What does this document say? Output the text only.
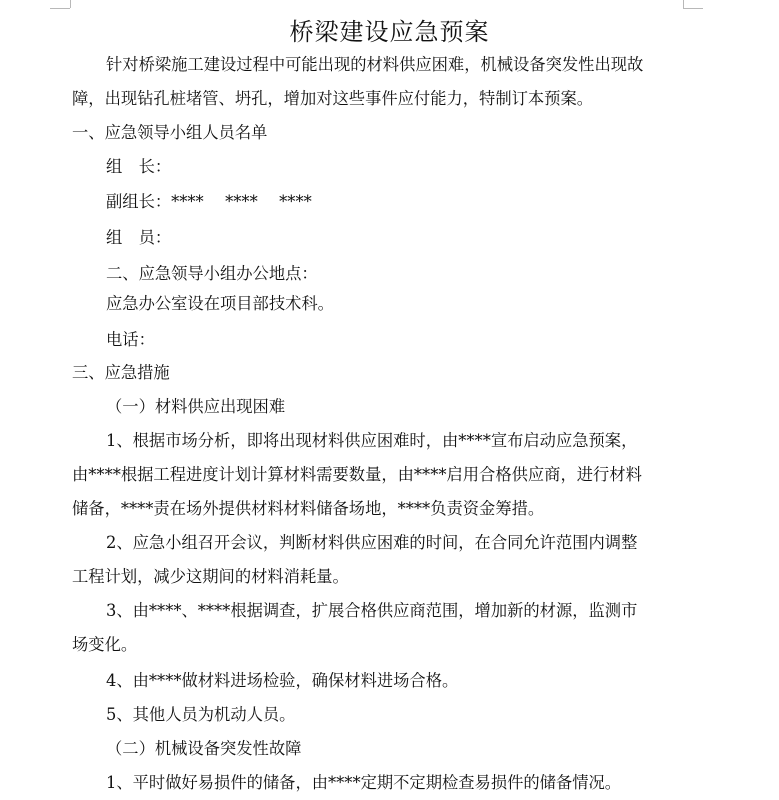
桥梁建设应急预案
针对桥梁施工建设过程中可能出现的材料供应困难，机械设备突发性出现故
障，出现钻孔桩堵管、坍孔，增加对这些事件应付能力，特制订本预案。
一、应急领导小组人员名单
组　长：
副组长：****　 ****　 ****
组　员：
二、应急领导小组办公地点：
应急办公室设在项目部技术科。
电话：
三、应急措施
（一）材料供应出现困难
1、根据市场分析，即将出现材料供应困难时，由****宣布启动应急预案，
由****根据工程进度计划计算材料需要数量，由****启用合格供应商，进行材料
储备，****责在场外提供材料材料储备场地，****负责资金筹措。
2、应急小组召开会议，判断材料供应困难的时间，在合同允许范围内调整
工程计划，减少这期间的材料消耗量。
3、由****、****根据调查，扩展合格供应商范围，增加新的材源，监测市
场变化。
4、由****做材料进场检验，确保材料进场合格。
5、其他人员为机动人员。
（二）机械设备突发性故障
1、平时做好易损件的储备，由****定期不定期检查易损件的储备情况。
